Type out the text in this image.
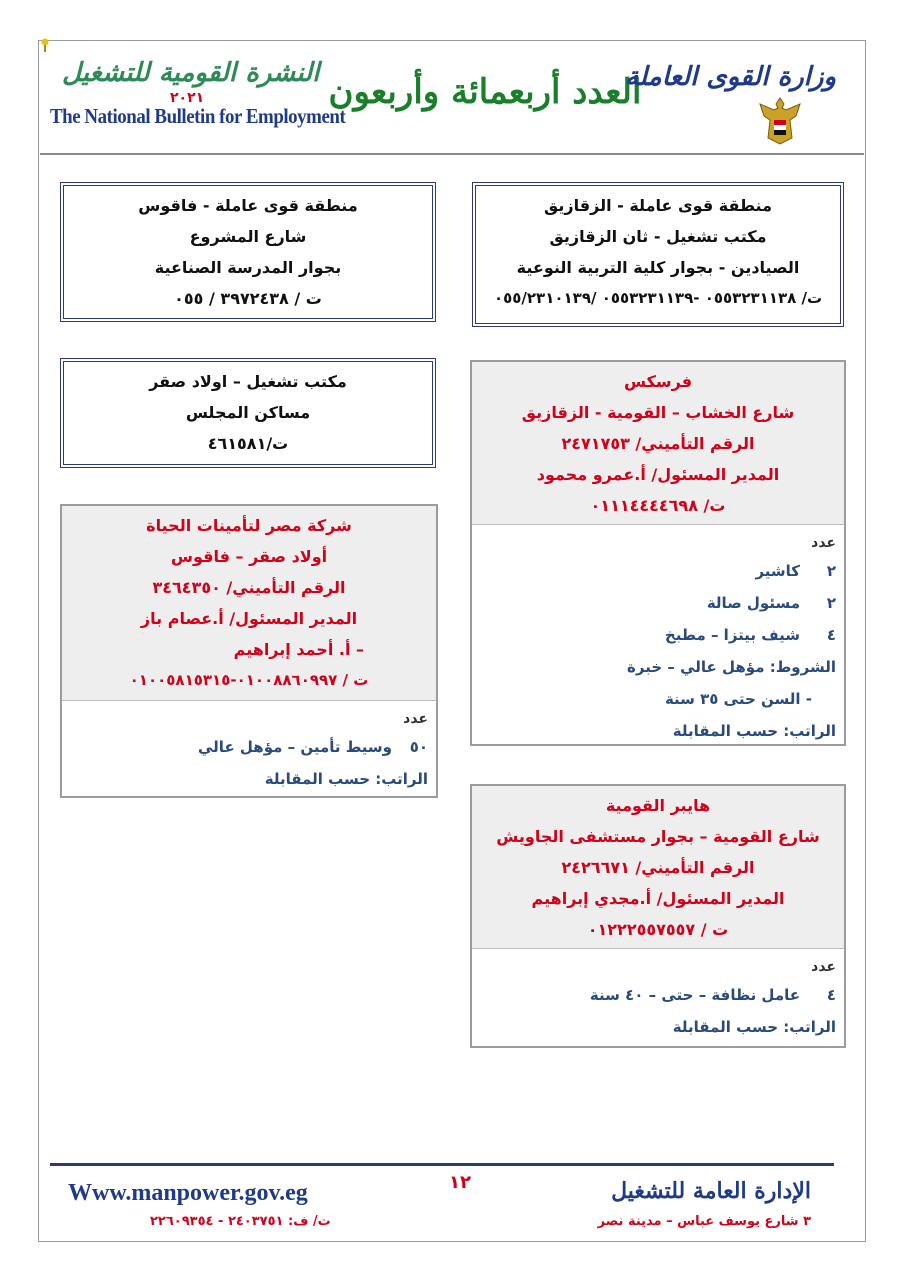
النشرة القومية للتشغيل
٢٠٢١
The National Bulletin for Employment
العدد أربعمائة وأربعون
وزارة القوى العاملة
منطقة قوى عاملة - الزقازيق
مكتب تشغيل - ثان الزقازيق
الصيادين - بجوار كلية التربية النوعية
ت/ ٠٥٥٣٢٣١١٣٨ -٠٥٥٣٢٣١١٣٩ /٠٥٥/٢٣١٠١٣٩
منطقة قوى عاملة - فاقوس
شارع المشروع
بجوار المدرسة الصناعية
ت / ٣٩٧٢٤٣٨ / ٠٥٥
مكتب تشغيل – اولاد صقر
مساكن المجلس
ت/٤٦١٥٨١
فرسكس
شارع الخشاب – القومية - الزقازيق
الرقم التأميني/ ٢٤٧١٧٥٣
المدير المسئول/ أ.عمرو محمود
ت/ ٠١١١٤٤٤٤٦٩٨
عدد
٢كاشير
٢مسئول صالة
٤شيف بيتزا – مطبخ
الشروط: مؤهل عالي – خبرة
- السن حتى ٣٥ سنة
الراتب: حسب المقابلة
شركة مصر لتأمينات الحياة
أولاد صقر – فاقوس
الرقم التأميني/ ٣٤٦٤٣٥٠
المدير المسئول/ أ.عصام باز
– أ. أحمد إبراهيم
ت / ٠١٠٠٨٨٦٠٩٩٧-٠١٠٠٥٨١٥٣١٥
عدد
٥٠وسيط تأمين – مؤهل عالي
الراتب: حسب المقابلة
هايبر القومية
شارع القومية – بجوار مستشفى الجاويش
الرقم التأميني/ ٢٤٢٦٦٧١
المدير المسئول/ أ.مجدي إبراهيم
ت / ٠١٢٢٢٥٥٧٥٥٧
عدد
٤عامل نظافة – حتى – ٤٠ سنة
الراتب: حسب المقابلة
Www.manpower.gov.eg	١٢	الإدارة العامة للتشغيل
٣ شارع يوسف عباس – مدينة نصر
ت/ ف: ٢٤٠٣٧٥١ - ٢٢٦٠٩٣٥٤
